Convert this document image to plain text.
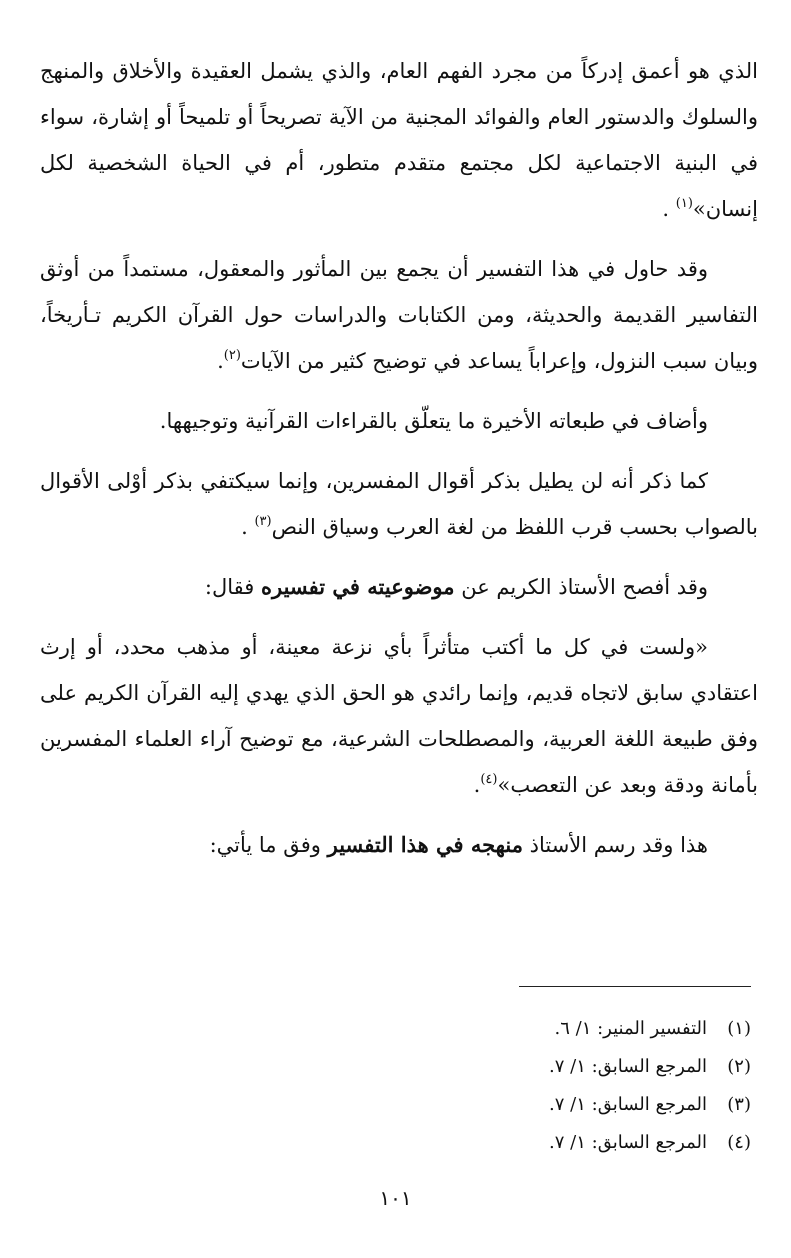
الذي هو أعمق إدركاً من مجرد الفهم العام، والذي يشمل العقيدة والأخلاق والمنهج والسلوك والدستور العام والفوائد المجنية من الآية تصريحاً أو تلميحاً أو إشارة، سواء في البنية الاجتماعية لكل مجتمع متقدم متطور، أم في الحياة الشخصية لكل إنسان»$^{(١)}$ .

وقد حاول في هذا التفسير أن يجمع بين المأثور والمعقول، مستمداً من أوثق التفاسير القديمة والحديثة، ومن الكتابات والدراسات حول القرآن الكريم تـأريخاً، وبيان سبب النزول، وإعراباً يساعد في توضيح كثير من الآيات$^{(٢)}$.

وأضاف في طبعاته الأخيرة ما يتعلّق بالقراءات القرآنية وتوجيهها.

كما ذكر أنه لن يطيل بذكر أقوال المفسرين، وإنما سيكتفي بذكر أوْلى الأقوال بالصواب بحسب قرب اللفظ من لغة العرب وسياق النص$^{(٣)}$ .

وقد أفصح الأستاذ الكريم عن موضوعيته في تفسيره فقال:

«ولست في كل ما أكتب متأثراً بأي نزعة معينة، أو مذهب محدد، أو إرث اعتقادي سابق لاتجاه قديم، وإنما رائدي هو الحق الذي يهدي إليه القرآن الكريم على وفق طبيعة اللغة العربية، والمصطلحات الشرعية، مع توضيح آراء العلماء المفسرين بأمانة ودقة وبعد عن التعصب»$^{(٤)}$.

هذا وقد رسم الأستاذ منهجه في هذا التفسير وفق ما يأتي:

(١)التفسير المنير: ١/ ٦.
(٢)المرجع السابق: ١/ ٧.
(٣)المرجع السابق: ١/ ٧.
(٤)المرجع السابق: ١/ ٧.
١٠١
